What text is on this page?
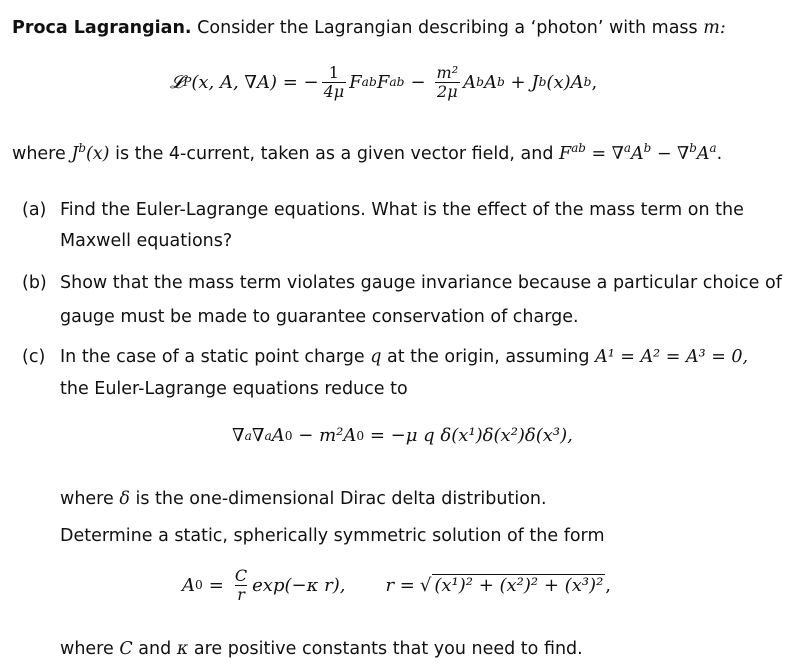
Proca Lagrangian. Consider the Lagrangian describing a ‘photon’ with mass m:
𝓛 P (x, A, ∇A) = − $\frac{1}{4\mu}$ F ab F ab − $\frac{\text{m²}}{2\mu}$ A b A b + J b (x)A b ,
where $J^b(x)$ is the 4-current, taken as a given vector field, and $F^{ab} = \nabla^aA^b - \nabla^bA^a$.
(a) Find the Euler-Lagrange equations. What is the effect of the mass term on the
Maxwell equations?
(b) Show that the mass term violates gauge invariance because a particular choice of
gauge must be made to guarantee conservation of charge.
(c) In the case of a static point charge q at the origin, assuming A¹ = A² = A³ = 0,
the Euler-Lagrange equations reduce to
∇ a ∇ a A 0 − m²A 0 = −μ q δ(x¹)δ(x²)δ(x³),
where δ is the one-dimensional Dirac delta distribution.
Determine a static, spherically symmetric solution of the form
A $0 = \frac{C}{r} \exp(-\kappa$ r), r = √ (x¹)² + (x²)² + (x³)² ,
where C and κ are positive constants that you need to find.
